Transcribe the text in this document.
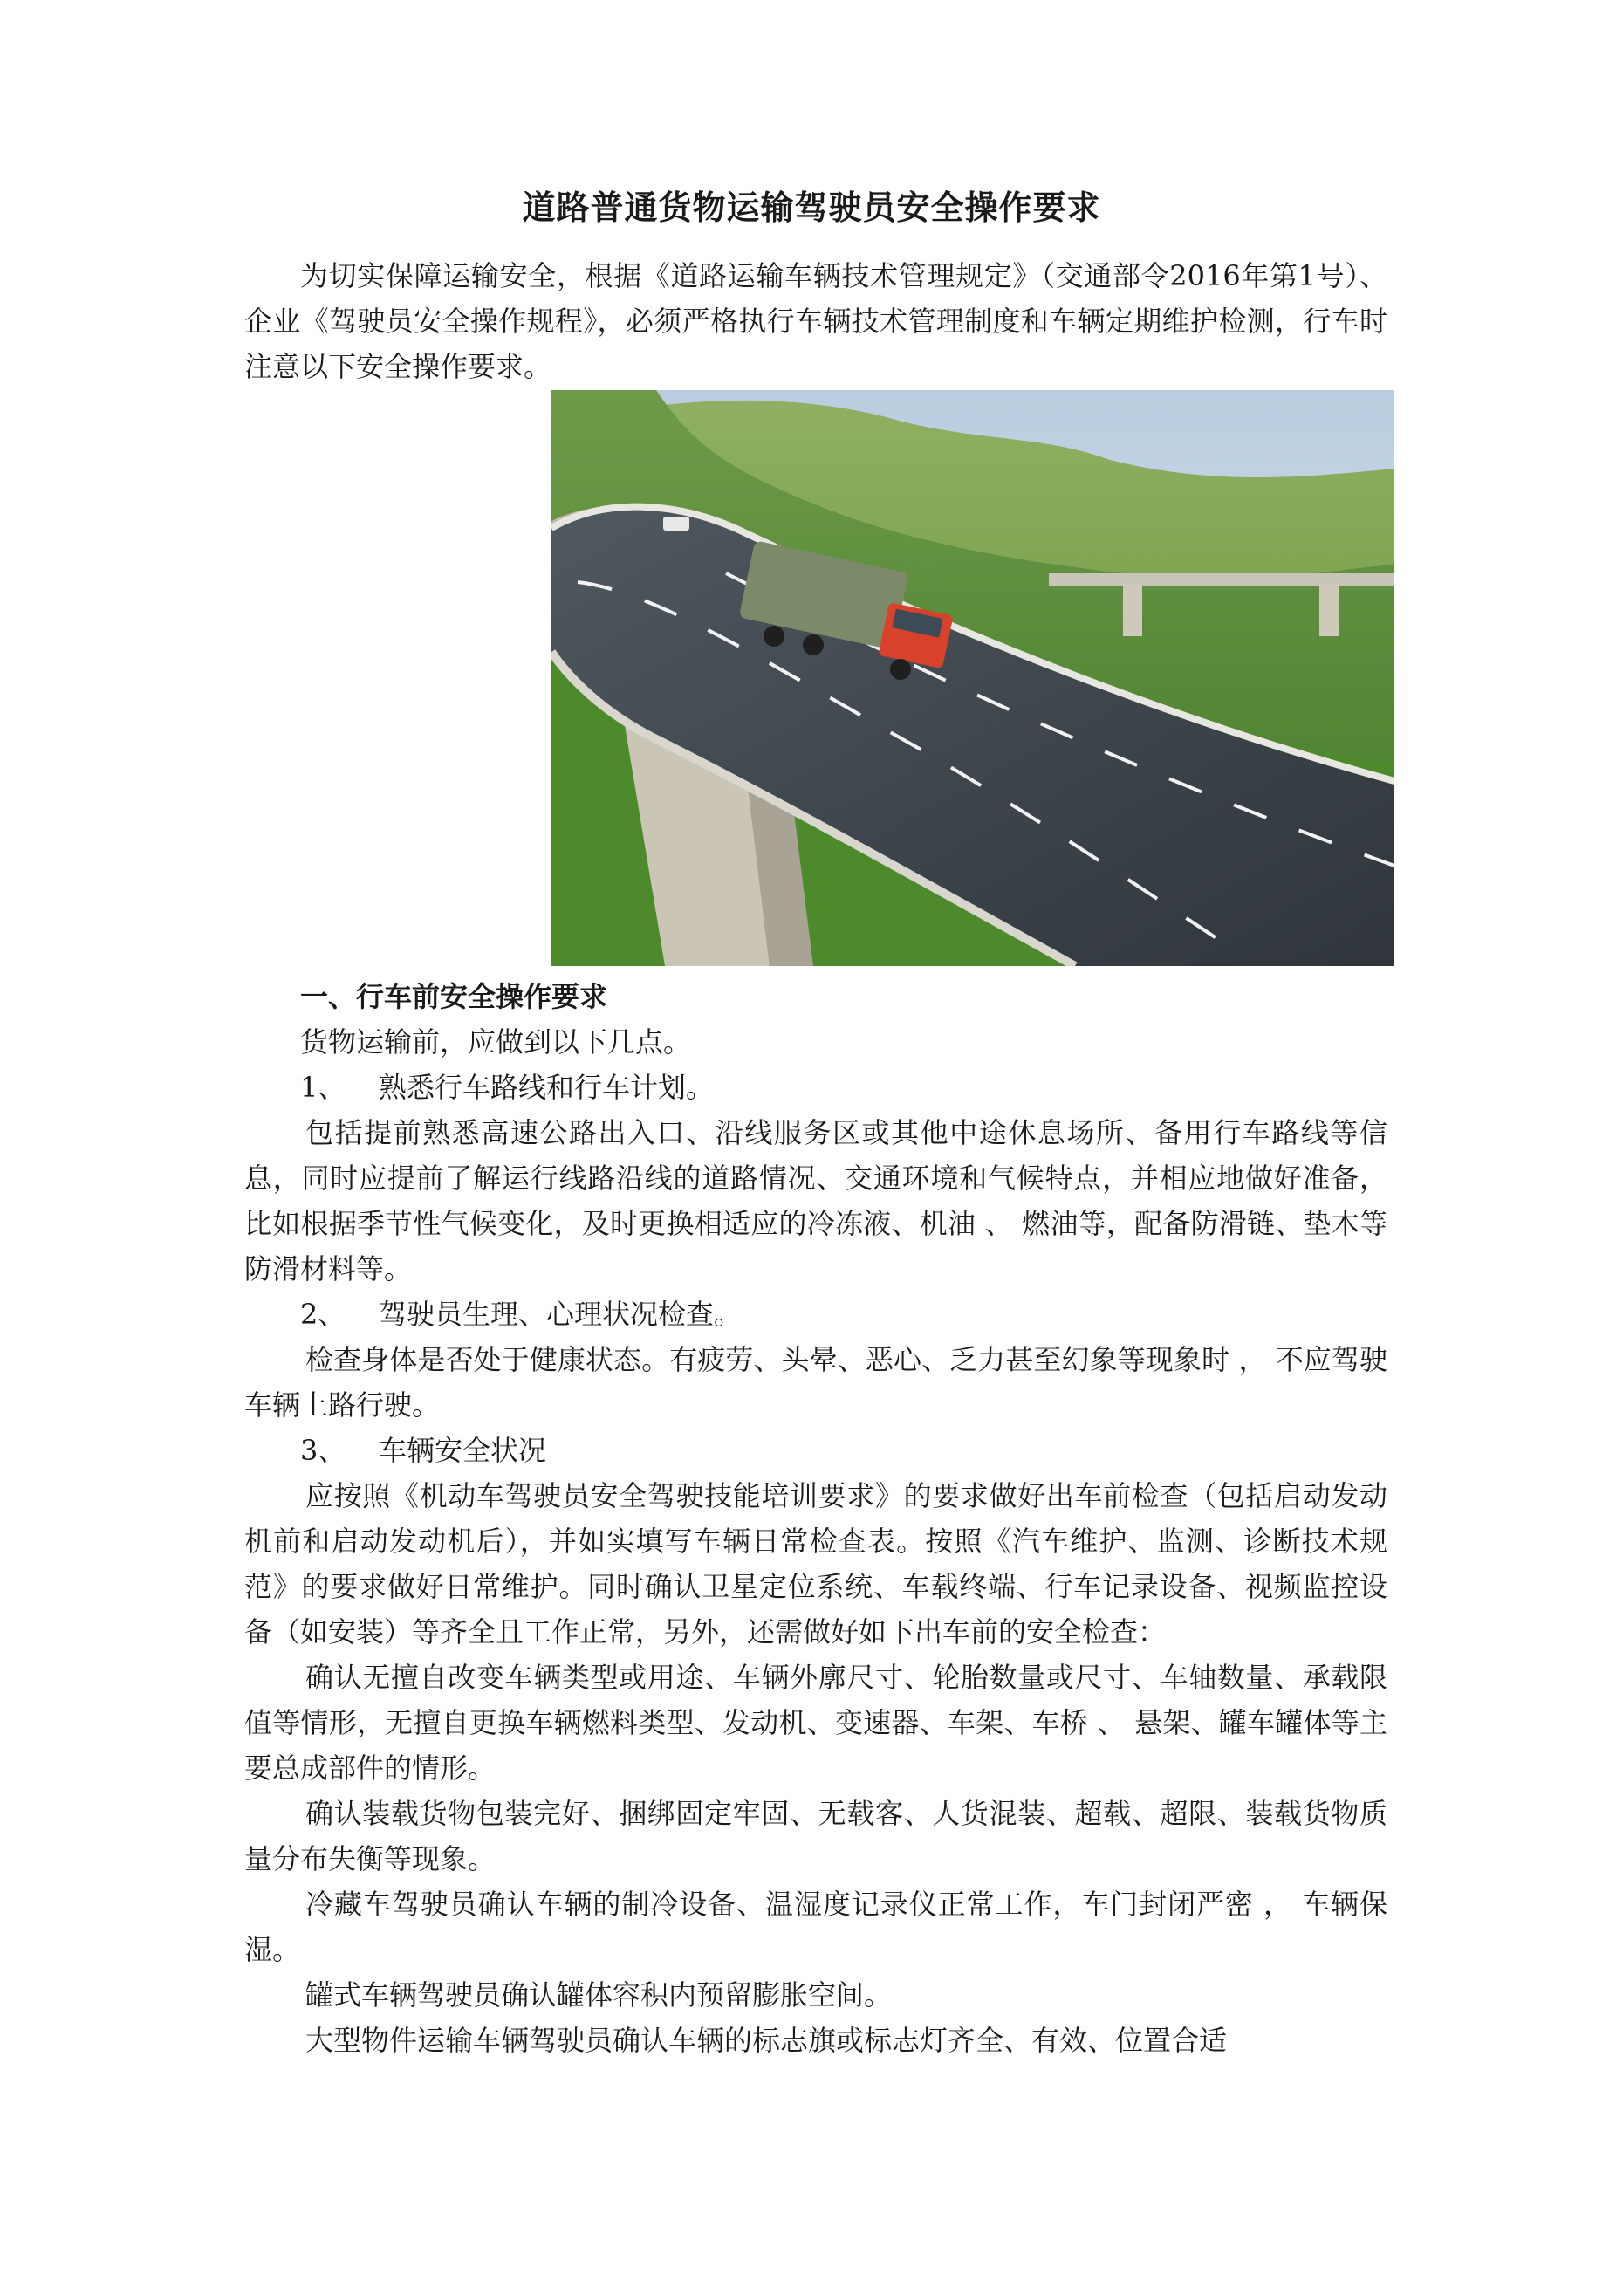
道路普通货物运输驾驶员安全操作要求

为切实保障运输安全，根据《道路运输车辆技术管理规定》（交通部令2016年第1号）、企业《驾驶员安全操作规程》，必须严格执行车辆技术管理制度和车辆定期维护检测，行车时注意以下安全操作要求。

一、行车前安全操作要求

货物运输前，应做到以下几点。

1、 熟悉行车路线和行车计划。

包括提前熟悉高速公路出入口、沿线服务区或其他中途休息场所、备用行车路线等信息，同时应提前了解运行线路沿线的道路情况、交通环境和气候特点，并相应地做好准备，比如根据季节性气候变化，及时更换相适应的冷冻液、机油 、 燃油等，配备防滑链、垫木等防滑材料等。

2、 驾驶员生理、心理状况检查。

检查身体是否处于健康状态。有疲劳、头晕、恶心、乏力甚至幻象等现象时 ， 不应驾驶车辆上路行驶。

3、 车辆安全状况

应按照《机动车驾驶员安全驾驶技能培训要求》的要求做好出车前检查（包括启动发动机前和启动发动机后），并如实填写车辆日常检查表。按照《汽车维护、监测、诊断技术规范》的要求做好日常维护。同时确认卫星定位系统、车载终端、行车记录设备、视频监控设备（如安装）等齐全且工作正常，另外，还需做好如下出车前的安全检查：

确认无擅自改变车辆类型或用途、车辆外廓尺寸、轮胎数量或尺寸、车轴数量、承载限值等情形，无擅自更换车辆燃料类型、发动机、变速器、车架、车桥 、 悬架、罐车罐体等主要总成部件的情形。

确认装载货物包装完好、捆绑固定牢固、无载客、人货混装、超载、超限、装载货物质量分布失衡等现象。

冷藏车驾驶员确认车辆的制冷设备、温湿度记录仪正常工作，车门封闭严密 ， 车辆保湿。

罐式车辆驾驶员确认罐体容积内预留膨胀空间。

大型物件运输车辆驾驶员确认车辆的标志旗或标志灯齐全、有效、位置合适
